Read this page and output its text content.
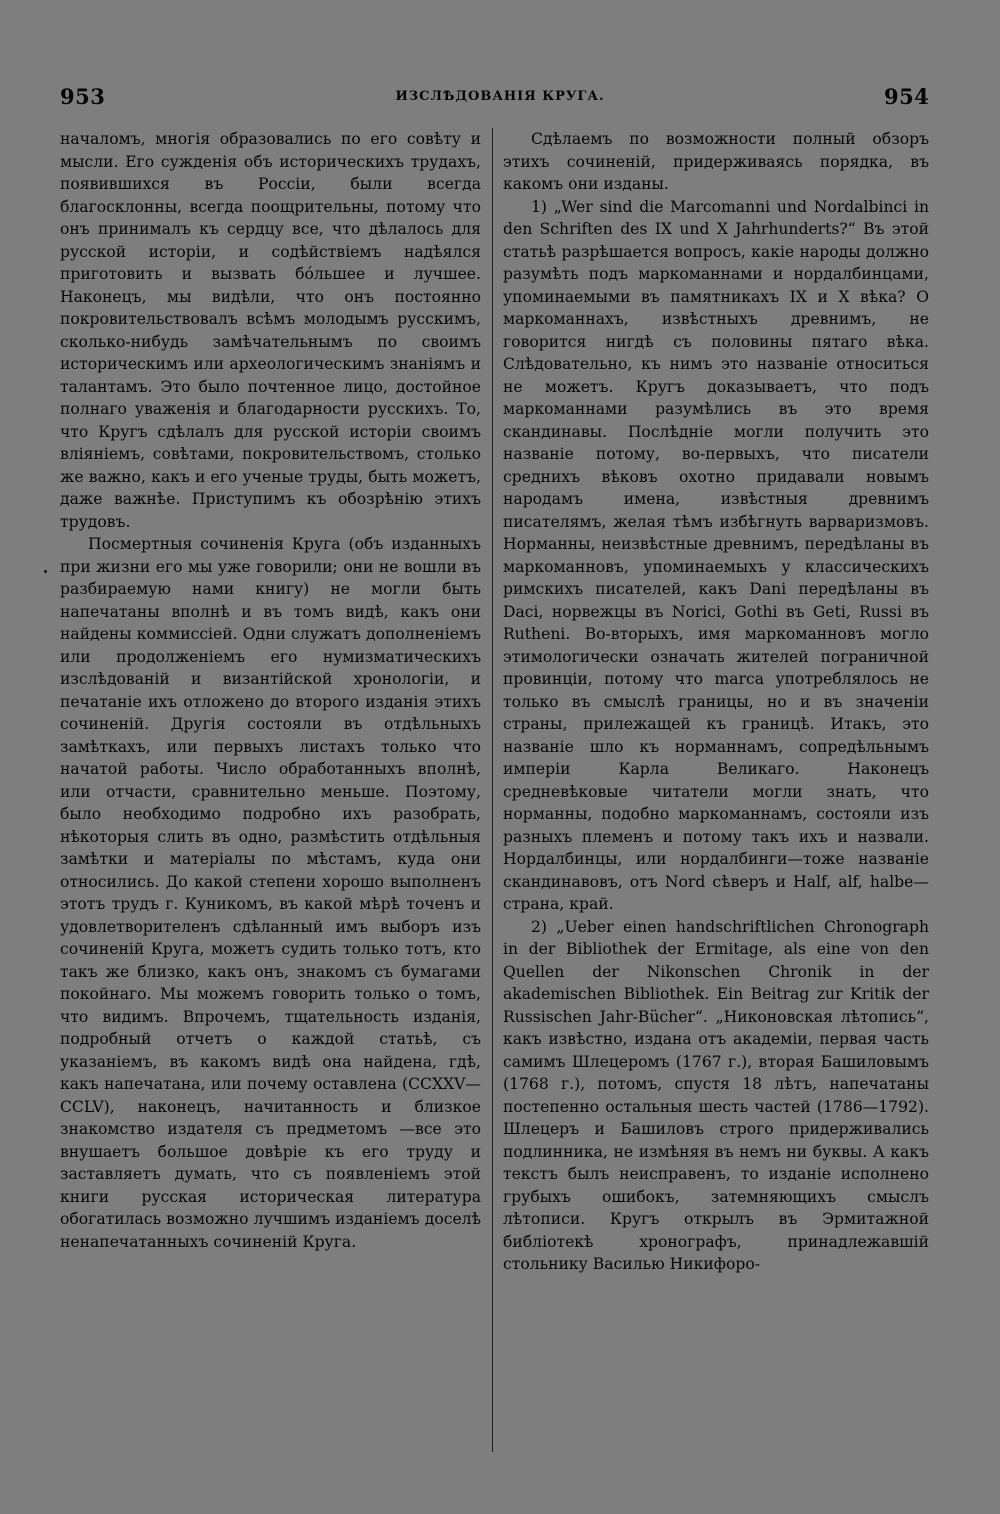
953	ИЗСЛѢДОВАНІЯ КРУГА.	954

началомъ, многія образовались по его совѣту и мысли. Его сужденія объ историческихъ трудахъ, появившихся въ Россіи, были всегда благосклонны, всегда поощрительны, потому что онъ принималъ къ сердцу все, что дѣлалось для русской исторіи, и содѣйствіемъ надѣялся приготовить и вызвать бóльшее и лучшее. Наконецъ, мы видѣли, что онъ постоянно покровительствовалъ всѣмъ молодымъ русскимъ, сколько-нибудь замѣчательнымъ по своимъ историческимъ или археологическимъ знаніямъ и талантамъ. Это было почтенное лицо, достойное полнаго уваженія и благодарности русскихъ. То, что Кругъ сдѣлалъ для русской исторіи своимъ вліяніемъ, совѣтами, покровительствомъ, столько же важно, какъ и его ученые труды, быть можетъ, даже важнѣе. Приступимъ къ обозрѣнію этихъ трудовъ.

Посмертныя сочиненія Круга (объ изданныхъ при жизни его мы уже говорили; они не вошли въ разбираемую нами книгу) не могли быть напечатаны вполнѣ и въ томъ видѣ, какъ они найдены коммиссіей. Одни служатъ дополненіемъ или продолженіемъ его нумизматическихъ изслѣдованій и византійской хронологіи, и печатаніе ихъ отложено до второго изданія этихъ сочиненій. Другія состояли въ отдѣльныхъ замѣткахъ, или первыхъ листахъ только что начатой работы. Число обработанныхъ вполнѣ, или отчасти, сравнительно меньше. Поэтому, было необходимо подробно ихъ разобрать, нѣкоторыя слить въ одно, размѣстить отдѣльныя замѣтки и матеріалы по мѣстамъ, куда они относились. До какой степени хорошо выполненъ этотъ трудъ г. Куникомъ, въ какой мѣрѣ точенъ и удовлетворителенъ сдѣланный имъ выборъ изъ сочиненій Круга, можетъ судить только тотъ, кто такъ же близко, какъ онъ, знакомъ съ бумагами покойнаго. Мы можемъ говорить только о томъ, что видимъ. Впрочемъ, тщательность изданія, подробный отчетъ о каждой статьѣ, съ указаніемъ, въ какомъ видѣ она найдена, гдѣ, какъ напечатана, или почему оставлена (CCXXV—CCLV), наконецъ, начитанность и близкое знакомство издателя съ предметомъ —все это внушаетъ большое довѣріе къ его труду и заставляетъ думать, что съ появленіемъ этой книги русская историческая литература обогатилась возможно лучшимъ изданіемъ доселѣ ненапечатанныхъ сочиненій Круга.

Сдѣлаемъ по возможности полный обзоръ этихъ сочиненій, придерживаясь порядка, въ какомъ они изданы.

1) „Wer sind die Marcomanni und Nordalbinci in den Schriften des IX und X Jahrhunderts?“ Въ этой статьѣ разрѣшается вопросъ, какіе народы должно разумѣть подъ маркоманнами и нордалбинцами, упоминаемыми въ памятникахъ IX и X вѣка? О маркоманнахъ, извѣстныхъ древнимъ, не говорится нигдѣ съ половины пятаго вѣка. Слѣдовательно, къ нимъ это названіе относиться не можетъ. Кругъ доказываетъ, что подъ маркоманнами разумѣлись въ это время скандинавы. Послѣдніе могли получить это названіе потому, во-первыхъ, что писатели среднихъ вѣковъ охотно придавали новымъ народамъ имена, извѣстныя древнимъ писателямъ, желая тѣмъ избѣгнуть варваризмовъ. Норманны, неизвѣстные древнимъ, передѣланы въ маркоманновъ, упоминаемыхъ у классическихъ римскихъ писателей, какъ Dani передѣланы въ Daci, норвежцы въ Norici, Gothi въ Geti, Russi въ Rutheni. Во-вторыхъ, имя маркоманновъ могло этимологически означать жителей пограничной провинціи, потому что marca употреблялось не только въ смыслѣ границы, но и въ значеніи страны, прилежащей къ границѣ. Итакъ, это названіе шло къ норманнамъ, сопредѣльнымъ имперіи Карла Великаго. Наконецъ средневѣковые читатели могли знать, что норманны, подобно маркоманнамъ, состояли изъ разныхъ племенъ и потому такъ ихъ и назвали. Нордалбинцы, или нордалбинги—тоже названіе скандинавовъ, отъ Nord сѣверъ и Half, alf, halbe—страна, край.

2) „Ueber einen handschriftlichen Chronograph in der Bibliothek der Ermitage, als eine von den Quellen der Nikonschen Chronik in der akademischen Bibliothek. Ein Beitrag zur Kritik der Russischen Jahr-Bücher“. „Никоновская лѣтопись“, какъ извѣстно, издана отъ академіи, первая часть самимъ Шлецеромъ (1767 г.), вторая Башиловымъ (1768 г.), потомъ, спустя 18 лѣтъ, напечатаны постепенно остальныя шесть частей (1786—1792). Шлецеръ и Башиловъ строго придерживались подлинника, не измѣняя въ немъ ни буквы. А какъ текстъ былъ неисправенъ, то изданіе исполнено грубыхъ ошибокъ, затемняющихъ смыслъ лѣтописи. Кругъ открылъ въ Эрмитажной библіотекѣ хронографъ, принадлежавшій стольнику Василью Никифоро-
